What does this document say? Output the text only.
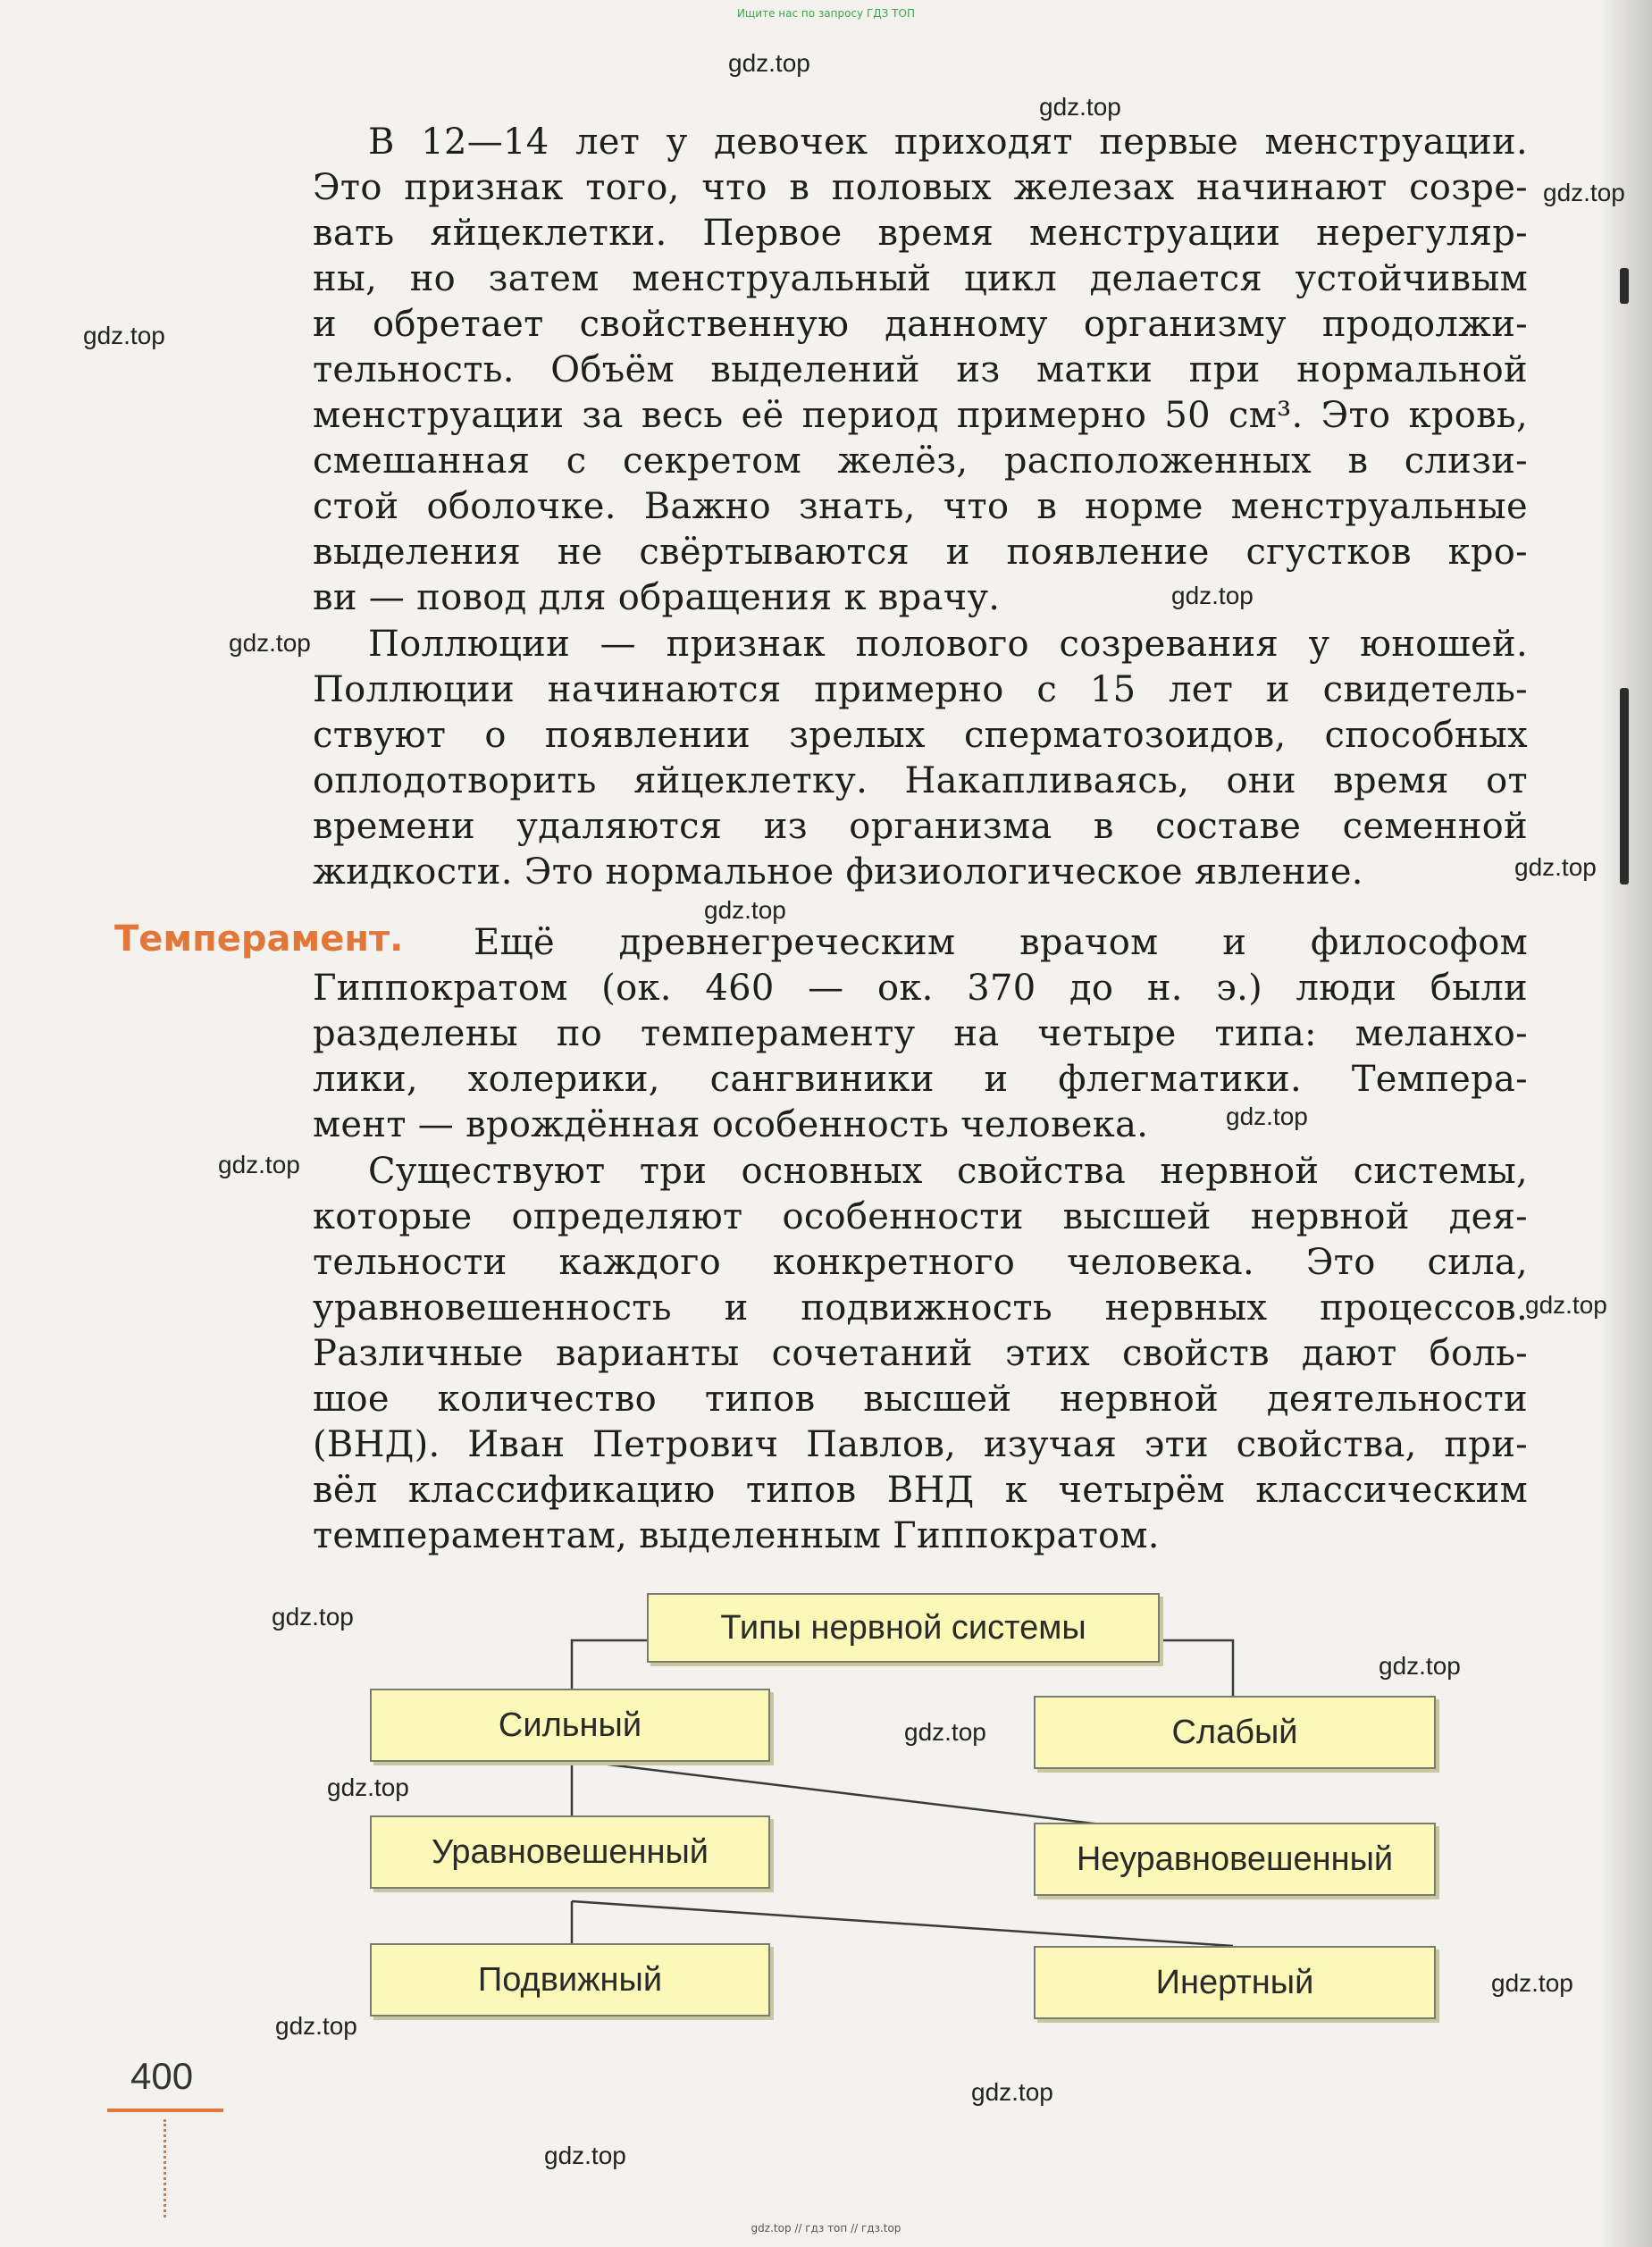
Ищите нас по запросу ГДЗ ТОП
gdz.top
gdz.top
gdz.top
gdz.top
gdz.top
gdz.top
gdz.top
gdz.top
gdz.top
gdz.top
gdz.top
gdz.top
gdz.top
gdz.top
gdz.top
gdz.top
gdz.top
gdz.top
gdz.top
В 12—14 лет у девочек приходят первые менструации.
Это признак того, что в половых железах начинают созре-
вать яйцеклетки. Первое время менструации нерегуляр-
ны, но затем менструальный цикл делается устойчивым
и обретает свойственную данному организму продолжи-
тельность. Объём выделений из матки при нормальной
менструации за весь её период примерно 50 см³. Это кровь,
смешанная с секретом желёз, расположенных в слизи-
стой оболочке. Важно знать, что в норме менструальные
выделения не свёртываются и появление сгустков кро-
ви — повод для обращения к врачу.
Поллюции — признак полового созревания у юношей.
Поллюции начинаются примерно с 15 лет и свидетель-
ствуют о появлении зрелых сперматозоидов, способных
оплодотворить яйцеклетку. Накапливаясь, они время от
времени удаляются из организма в составе семенной
жидкости. Это нормальное физиологическое явление.
Темперамент.	Ещё древнегреческим врачом и философом
Гиппократом (ок. 460 — ок. 370 до н. э.) люди были
разделены по темпераменту на четыре типа: меланхо-
лики, холерики, сангвиники и флегматики. Темпера-
мент — врождённая особенность человека.
Существуют три основных свойства нервной системы,
которые определяют особенности высшей нервной дея-
тельности каждого конкретного человека. Это сила,
уравновешенность и подвижность нервных процессов.
Различные варианты сочетаний этих свойств дают боль-
шое количество типов высшей нервной деятельности
(ВНД). Иван Петрович Павлов, изучая эти свойства, при-
вёл классификацию типов ВНД к четырём классическим
темпераментам, выделенным Гиппократом.
Типы нервной системы
Сильный	Слабый
Уравновешенный	Неуравновешенный
Подвижный	Инертный
400
gdz.top // гдз топ // гдз.top
